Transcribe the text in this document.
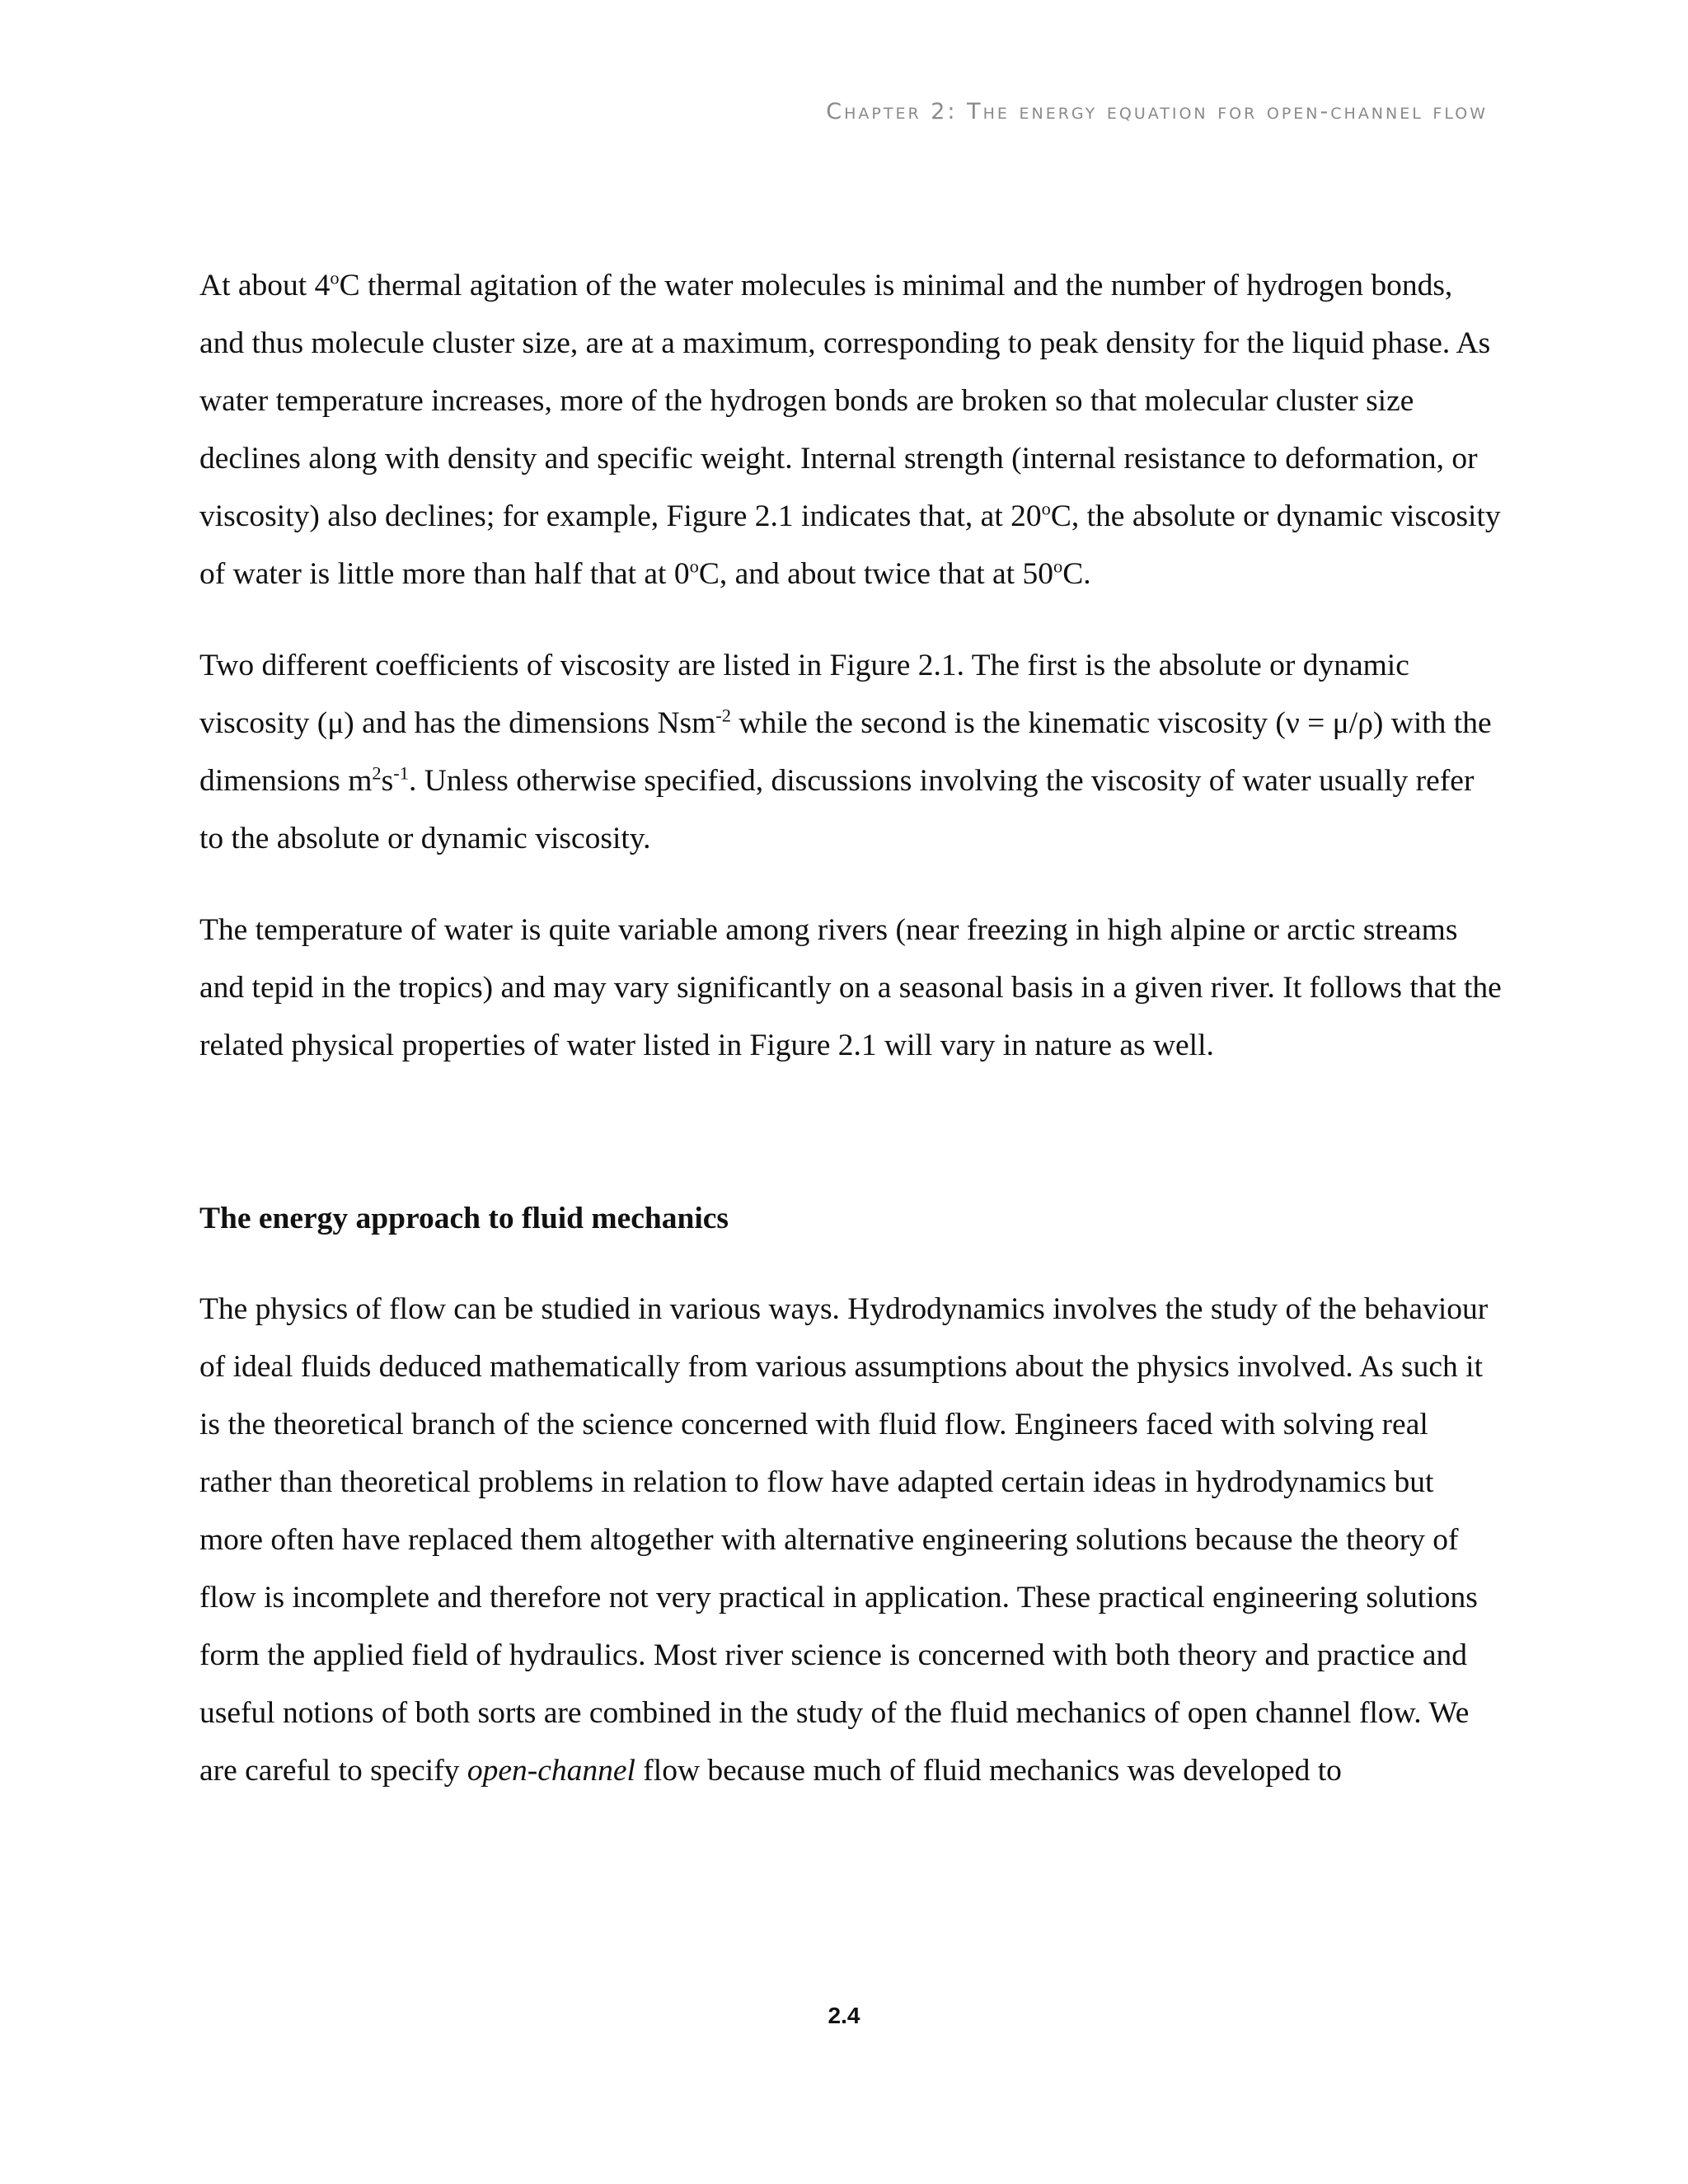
Chapter 2: The energy equation for open-channel flow

At about 4$^o$C thermal agitation of the water molecules is minimal and the number of hydrogen bonds, and thus molecule cluster size, are at a maximum, corresponding to peak density for the liquid phase. As water temperature increases, more of the hydrogen bonds are broken so that molecular cluster size declines along with density and specific weight. Internal strength (internal resistance to deformation, or viscosity) also declines; for example, Figure 2.1 indicates that, at 20$^o$C, the absolute or dynamic viscosity of water is little more than half that at 0$^o$C, and about twice that at 50$^o$C.

Two different coefficients of viscosity are listed in Figure 2.1. The first is the absolute or dynamic viscosity (μ) and has the dimensions Nsm$^{-2}$ while the second is the kinematic viscosity (ν = μ/ρ) with the dimensions $m^2s^{-1}$. Unless otherwise specified, discussions involving the viscosity of water usually refer to the absolute or dynamic viscosity.

The temperature of water is quite variable among rivers (near freezing in high alpine or arctic streams and tepid in the tropics) and may vary significantly on a seasonal basis in a given river. It follows that the related physical properties of water listed in Figure 2.1 will vary in nature as well.

The energy approach to fluid mechanics

The physics of flow can be studied in various ways. Hydrodynamics involves the study of the behaviour of ideal fluids deduced mathematically from various assumptions about the physics involved. As such it is the theoretical branch of the science concerned with fluid flow. Engineers faced with solving real rather than theoretical problems in relation to flow have adapted certain ideas in hydrodynamics but more often have replaced them altogether with alternative engineering solutions because the theory of flow is incomplete and therefore not very practical in application. These practical engineering solutions form the applied field of hydraulics. Most river science is concerned with both theory and practice and useful notions of both sorts are combined in the study of the fluid mechanics of open channel flow. We are careful to specify open-channel flow because much of fluid mechanics was developed to

2.4
